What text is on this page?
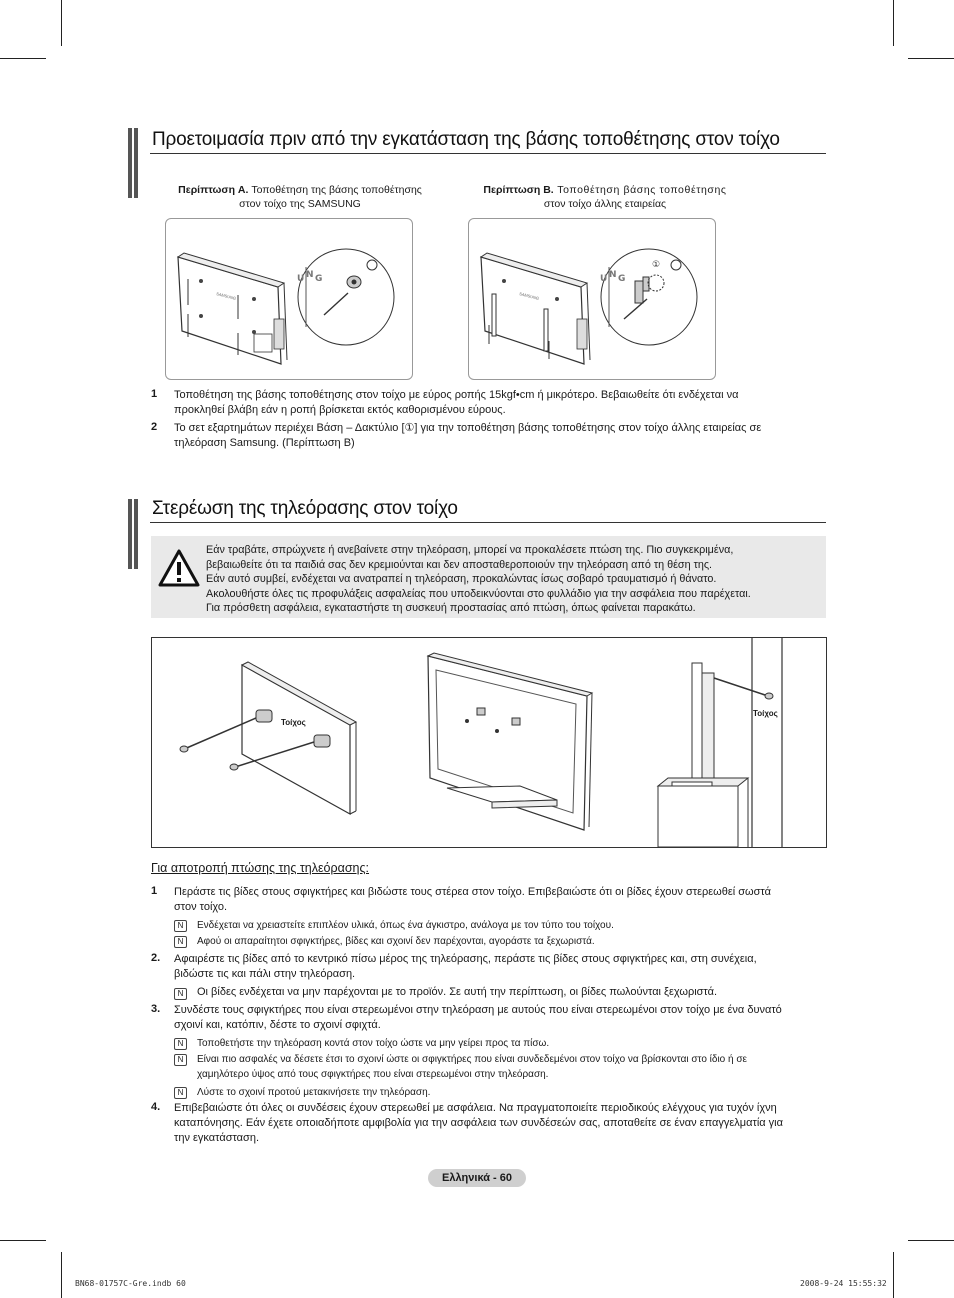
Προετοιμασία πριν από την εγκατάσταση της βάσης τοποθέτησης στον τοίχο
Περίπτωση A. Τοποθέτηση της βάσης τοποθέτησης
στον τοίχο της SAMSUNG
Περίπτωση B. Τοποθέτηση βάσης τοποθέτησης
στον τοίχο άλλης εταιρείας
SAMSUNG
U N G
SAMSUNG
U N G
①
1 Τοποθέτηση της βάσης τοποθέτησης στον τοίχο με εύρος ροπής 15kgf•cm ή μικρότερο. Βεβαιωθείτε ότι ενδέχεται να
προκληθεί βλάβη εάν η ροπή βρίσκεται εκτός καθορισμένου εύρους.
2 Το σετ εξαρτημάτων περιέχει Βάση – Δακτύλιο [①] για την τοποθέτηση βάσης τοποθέτησης στον τοίχο άλλης εταιρείας σε
τηλεόραση Samsung. (Περίπτωση B)
Στερέωση της τηλεόρασης στον τοίχο
Εάν τραβάτε, σπρώχνετε ή ανεβαίνετε στην τηλεόραση, μπορεί να προκαλέσετε πτώση της. Πιο συγκεκριμένα,
βεβαιωθείτε ότι τα παιδιά σας δεν κρεμιούνται και δεν αποσταθεροποιούν την τηλεόραση από τη θέση της.
Εάν αυτό συμβεί, ενδέχεται να ανατραπεί η τηλεόραση, προκαλώντας ίσως σοβαρό τραυματισμό ή θάνατο.
Ακολουθήστε όλες τις προφυλάξεις ασφαλείας που υποδεικνύονται στο φυλλάδιο για την ασφάλεια που παρέχεται.
Για πρόσθετη ασφάλεια, εγκαταστήστε τη συσκευή προστασίας από πτώση, όπως φαίνεται παρακάτω.
Τοίχος
Τοίχος
Για αποτροπή πτώσης της τηλεόρασης:
1 Περάστε τις βίδες στους σφιγκτήρες και βιδώστε τους στέρεα στον τοίχο. Επιβεβαιώστε ότι οι βίδες έχουν στερεωθεί σωστά
στον τοίχο.
N	Ενδέχεται να χρειαστείτε επιπλέον υλικά, όπως ένα άγκιστρο, ανάλογα με τον τύπο του τοίχου.
N	Αφού οι απαραίτητοι σφιγκτήρες, βίδες και σχοινί δεν παρέχονται, αγοράστε τα ξεχωριστά.
2. Αφαιρέστε τις βίδες από το κεντρικό πίσω μέρος της τηλεόρασης, περάστε τις βίδες στους σφιγκτήρες και, στη συνέχεια,
βιδώστε τις και πάλι στην τηλεόραση.
N	Οι βίδες ενδέχεται να μην παρέχονται με το προϊόν. Σε αυτή την περίπτωση, οι βίδες πωλούνται ξεχωριστά.
3. Συνδέστε τους σφιγκτήρες που είναι στερεωμένοι στην τηλεόραση με αυτούς που είναι στερεωμένοι στον τοίχο με ένα δυνατό
σχοινί και, κατόπιν, δέστε το σχοινί σφιχτά.
N	Τοποθετήστε την τηλεόραση κοντά στον τοίχο ώστε να μην γείρει προς τα πίσω.
N	Είναι πιο ασφαλές να δέσετε έτσι το σχοινί ώστε οι σφιγκτήρες που είναι συνδεδεμένοι στον τοίχο να βρίσκονται στο ίδιο ή σε
χαμηλότερο ύψος από τους σφιγκτήρες που είναι στερεωμένοι στην τηλεόραση.
N	Λύστε το σχοινί προτού μετακινήσετε την τηλεόραση.
4. Επιβεβαιώστε ότι όλες οι συνδέσεις έχουν στερεωθεί με ασφάλεια. Να πραγματοποιείτε περιοδικούς ελέγχους για τυχόν ίχνη
καταπόνησης. Εάν έχετε οποιαδήποτε αμφιβολία για την ασφάλεια των συνδέσεών σας, αποταθείτε σε έναν επαγγελματία για
την εγκατάσταση.
Ελληνικά - 60
BN68-01757C-Gre.indb 60	2008-9-24 15:55:32
